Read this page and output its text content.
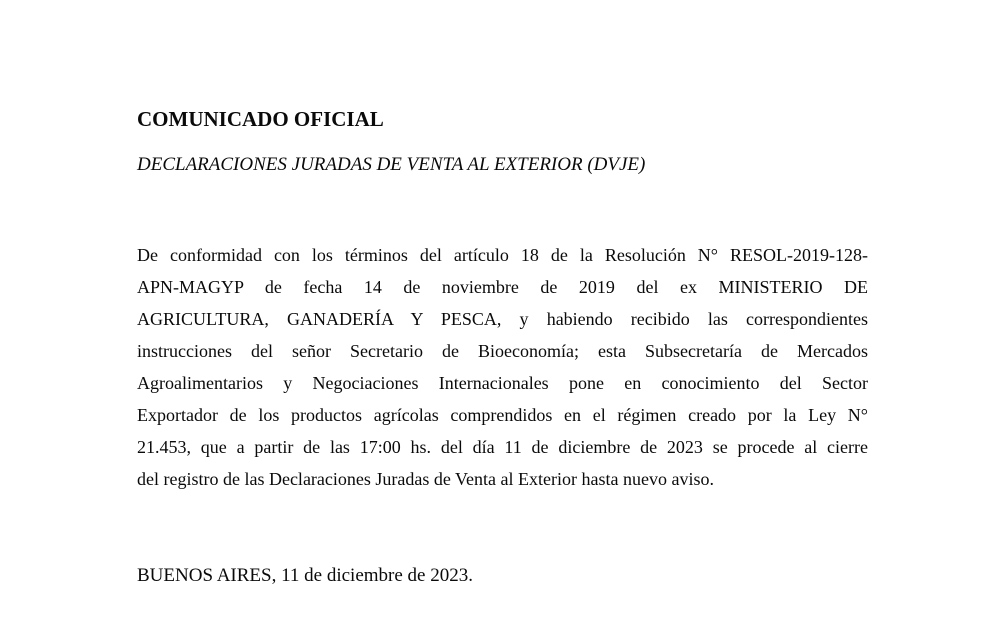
COMUNICADO OFICIAL
DECLARACIONES JURADAS DE VENTA AL EXTERIOR (DVJE)
De conformidad con los términos del artículo 18 de la Resolución N° RESOL-2019-128-
APN-MAGYP de fecha 14 de noviembre de 2019 del ex MINISTERIO DE
AGRICULTURA, GANADERÍA Y PESCA, y habiendo recibido las correspondientes
instrucciones del señor Secretario de Bioeconomía; esta Subsecretaría de Mercados
Agroalimentarios y Negociaciones Internacionales pone en conocimiento del Sector
Exportador de los productos agrícolas comprendidos en el régimen creado por la Ley N°
21.453, que a partir de las 17:00 hs. del día 11 de diciembre de 2023 se procede al cierre
del registro de las Declaraciones Juradas de Venta al Exterior hasta nuevo aviso.
BUENOS AIRES, 11 de diciembre de 2023.
